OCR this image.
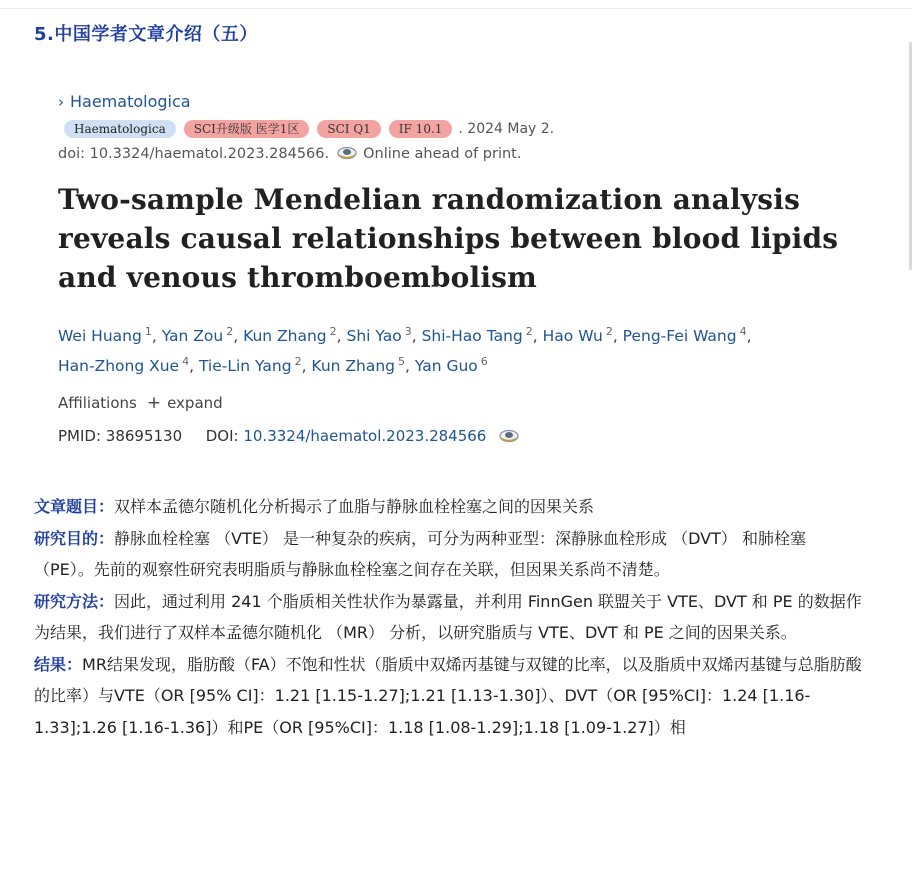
5.中国学者文章介绍（五）
› Haematologica
Haematologica	SCI升级版 医学1区	SCI Q1	IF 10.1	. 2024 May 2.
doi: 10.3324/haematol.2023.284566. Online ahead of print.
Two-sample Mendelian randomization analysis reveals causal relationships between blood lipids and venous thromboembolism
Wei Huang $^1$, Yan Zou $^2$, Kun Zhang $^2$, Shi Yao $^3$, Shi-Hao Tang $^2$, Hao Wu $^2$, Peng-Fei Wang $^4$,
Han-Zhong Xue $^4$, Tie-Lin Yang $^2$, Kun Zhang $^5$, Yan Guo $^6$
Affiliations + expand
PMID: 38695130 DOI: 10.3324/haematol.2023.284566

文章题目：双样本孟德尔随机化分析揭示了血脂与静脉血栓栓塞之间的因果关系

研究目的：静脉血栓栓塞 （VTE） 是一种复杂的疾病，可分为两种亚型：深静脉血栓形成 （DVT） 和肺栓塞 （PE）。先前的观察性研究表明脂质与静脉血栓栓塞之间存在关联，但因果关系尚不清楚。

研究方法：因此，通过利用 241 个脂质相关性状作为暴露量，并利用 FinnGen 联盟关于 VTE、DVT 和 PE 的数据作为结果，我们进行了双样本孟德尔随机化 （MR） 分析，以研究脂质与 VTE、DVT 和 PE 之间的因果关系。

结果：MR结果发现，脂肪酸（FA）不饱和性状（脂质中双烯丙基键与双键的比率，以及脂质中双烯丙基键与总脂肪酸的比率）与VTE（OR [95% CI]：1.21 [1.15-1.27];1.21 [1.13-1.30]）、DVT（OR [95%CI]：1.24 [1.16-1.33];1.26 [1.16-1.36]）和PE（OR [95%CI]：1.18 [1.08-1.29];1.18 [1.09-1.27]）相
